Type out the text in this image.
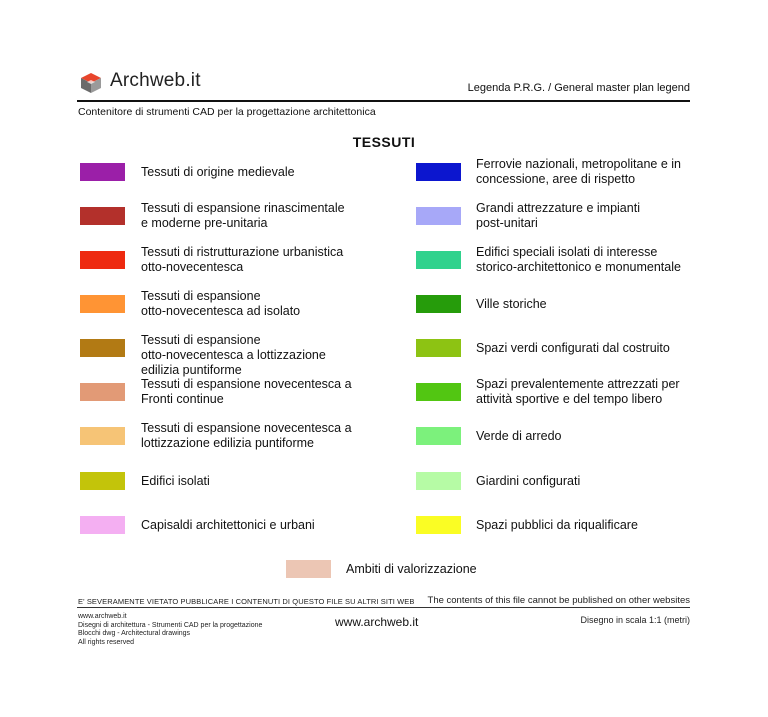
Archweb.it	Legenda P.R.G. / General master plan legend
Contenitore di strumenti CAD per la progettazione architettonica
TESSUTI
Tessuti di origine medievale
Tessuti di espansione rinascimentale
e moderne pre-unitaria
Tessuti di ristrutturazione urbanistica
otto-novecentesca
Tessuti di espansione
otto-novecentesca ad isolato
Tessuti di espansione
otto-novecentesca a lottizzazione
edilizia puntiforme
Tessuti di espansione novecentesca a
Fronti continue
Tessuti di espansione novecentesca a
lottizzazione edilizia puntiforme
Edifici isolati
Capisaldi architettonici e urbani
Ferrovie nazionali, metropolitane e in
concessione, aree di rispetto
Grandi attrezzature e impianti
post-unitari
Edifici speciali isolati di interesse
storico-architettonico e monumentale
Ville storiche
Spazi verdi configurati dal costruito
Spazi prevalentemente attrezzati per
attività sportive e del tempo libero
Verde di arredo
Giardini configurati
Spazi pubblici da riqualificare
Ambiti di valorizzazione
E' SEVERAMENTE VIETATO PUBBLICARE I CONTENUTI DI QUESTO FILE SU ALTRI SITI WEB The contents of this file cannot be published on other websites
www.archweb.it
Disegni di architettura - Strumenti CAD per la progettazione
Blocchi dwg - Architectural drawings
All rights reserved
www.archweb.it	Disegno in scala 1:1 (metri)
